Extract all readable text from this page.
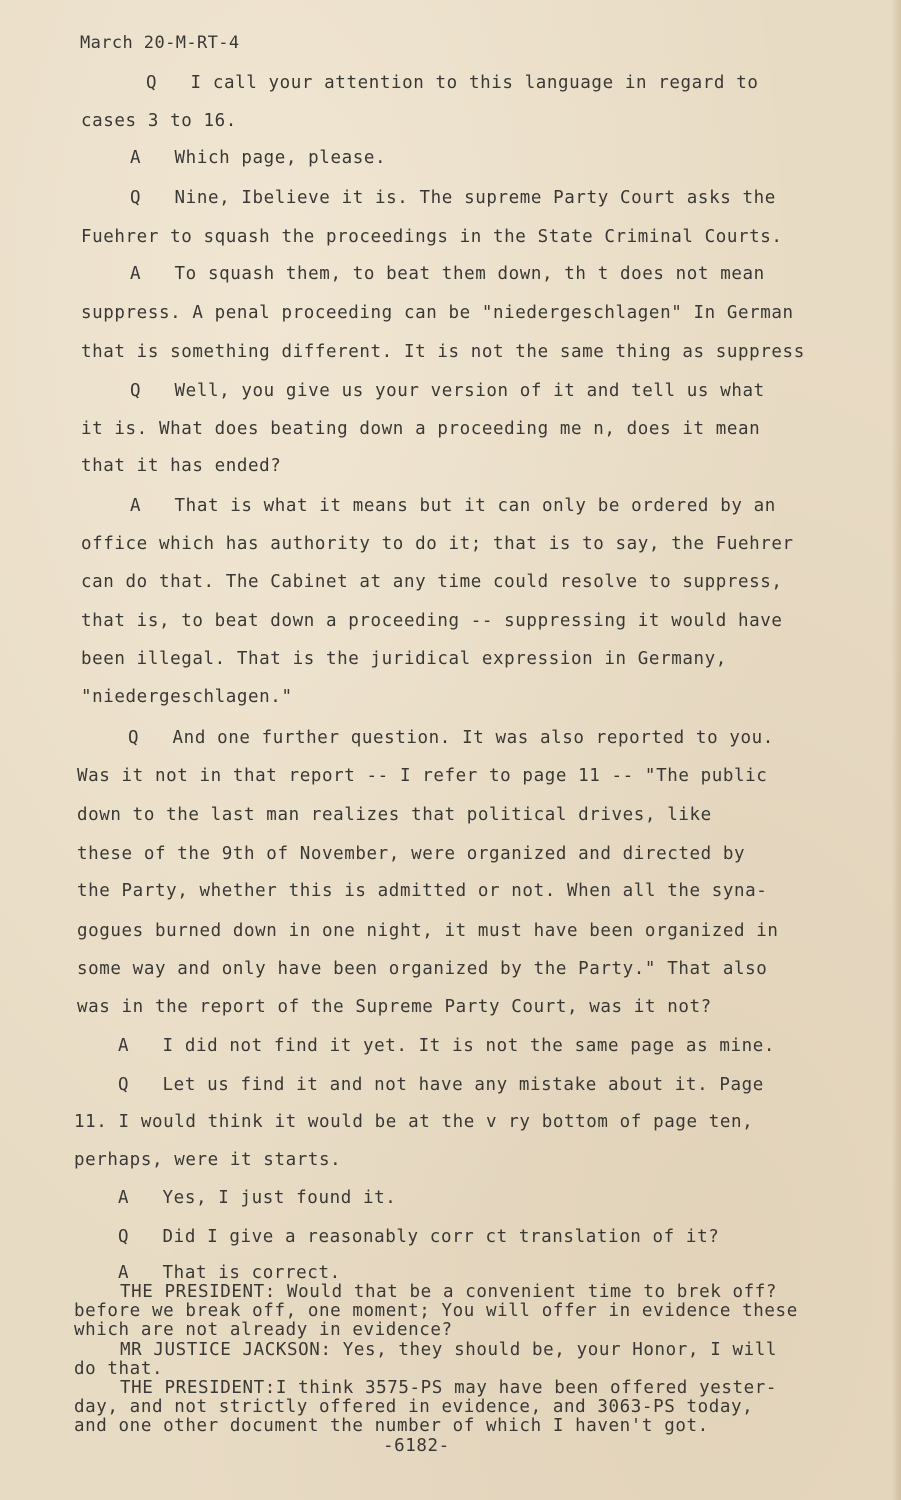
March 20-M-RT-4
Q   I call your attention to this language in regard to
cases 3 to 16.
A   Which page, please.
Q   Nine, Ibelieve it is. The supreme Party Court asks the
Fuehrer to squash the proceedings in the State Criminal Courts.
A   To squash them, to beat them down, th t does not mean
suppress. A penal proceeding can be "niedergeschlagen" In German
that is something different. It is not the same thing as suppress
Q   Well, you give us your version of it and tell us what
it is. What does beating down a proceeding me n, does it mean
that it has ended?
A   That is what it means but it can only be ordered by an
office which has authority to do it; that is to say, the Fuehrer
can do that. The Cabinet at any time could resolve to suppress,
that is, to beat down a proceeding -- suppressing it would have
been illegal. That is the juridical expression in Germany,
"niedergeschlagen."
Q   And one further question. It was also reported to you.
Was it not in that report -- I refer to page 11 -- "The public
down to the last man realizes that political drives, like
these of the 9th of November, were organized and directed by
the Party, whether this is admitted or not. When all the syna-
gogues burned down in one night, it must have been organized in
some way and only have been organized by the Party." That also
was in the report of the Supreme Party Court, was it not?
A   I did not find it yet. It is not the same page as mine.
Q   Let us find it and not have any mistake about it. Page
11. I would think it would be at the v ry bottom of page ten,
perhaps, were it starts.
A   Yes, I just found it.
Q   Did I give a reasonably corr ct translation of it?
A   That is correct.
THE PRESIDENT: Would that be a convenient time to brek off?
before we break off, one moment; You will offer in evidence these
which are not already in evidence?
MR JUSTICE JACKSON: Yes, they should be, your Honor, I will
do that.
THE PRESIDENT:I think 3575-PS may have been offered yester-
day, and not strictly offered in evidence, and 3063-PS today,
and one other document the number of which I haven't got.
-6182-
